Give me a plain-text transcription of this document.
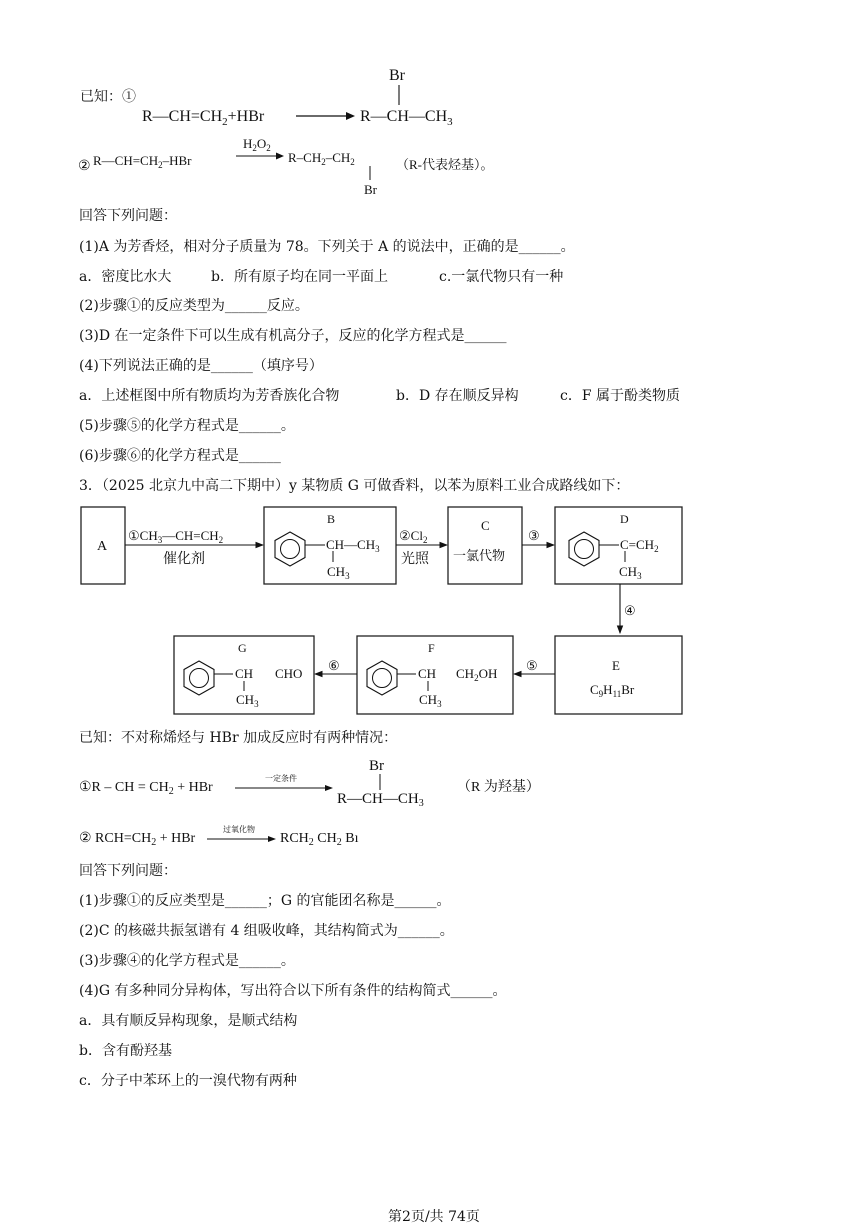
已知：①
$R—CH=CH_2+HBr$
Br
$R—CH—CH_3$
② $R—CH=CH_2$–HBr
$H_2O_2$
$R-CH_2-CH_2$
Br
（R-代表烃基）。
回答下列问题：
(1)A 为芳香烃，相对分子质量为 78。下列关于 A 的说法中，正确的是______。
a．密度比水大	b．所有原子均在同一平面上	c.一氯代物只有一种
(2)步骤①的反应类型为______反应。
(3)D 在一定条件下可以生成有机高分子，反应的化学方程式是______
(4)下列说法正确的是______（填序号）
a．上述框图中所有物质均为芳香族化合物	b．D 存在顺反异构	c．F 属于酚类物质
(5)步骤⑤的化学方程式是______。
(6)步骤⑥的化学方程式是______
3．（2025 北京九中高二下期中）y 某物质 G 可做香料，以苯为原料工业合成路线如下：
A
$①CH_3—CH=CH_2$
催化剂
B
$CH—CH_3$
$CH_3$
$②Cl_2$
光照
C
一氯代物
③
D
$C=CH_2$
$CH_3$
④
E
$C_9H_{11}Br$
⑤
F
CH $CH_2OH$
$CH_3$
⑥
G
CH CHO
$CH_3$
已知：不对称烯烃与 HBr 加成反应时有两种情况：
①R – CH = $CH_2$ + HBr
一定条件
Br
$R—CH—CH_3$
（R 为羟基）
② $RCH=CH_2$ + HBr
过氧化物
$RCH_2$ $CH_2$ Bı
回答下列问题：
(1)步骤①的反应类型是______；G 的官能团名称是______。
(2)C 的核磁共振氢谱有 4 组吸收峰，其结构简式为______。
(3)步骤④的化学方程式是______。
(4)G 有多种同分异构体，写出符合以下所有条件的结构简式______。
a．具有顺反异构现象，是顺式结构
b．含有酚羟基
c．分子中苯环上的一溴代物有两种
第2页/共 74页
